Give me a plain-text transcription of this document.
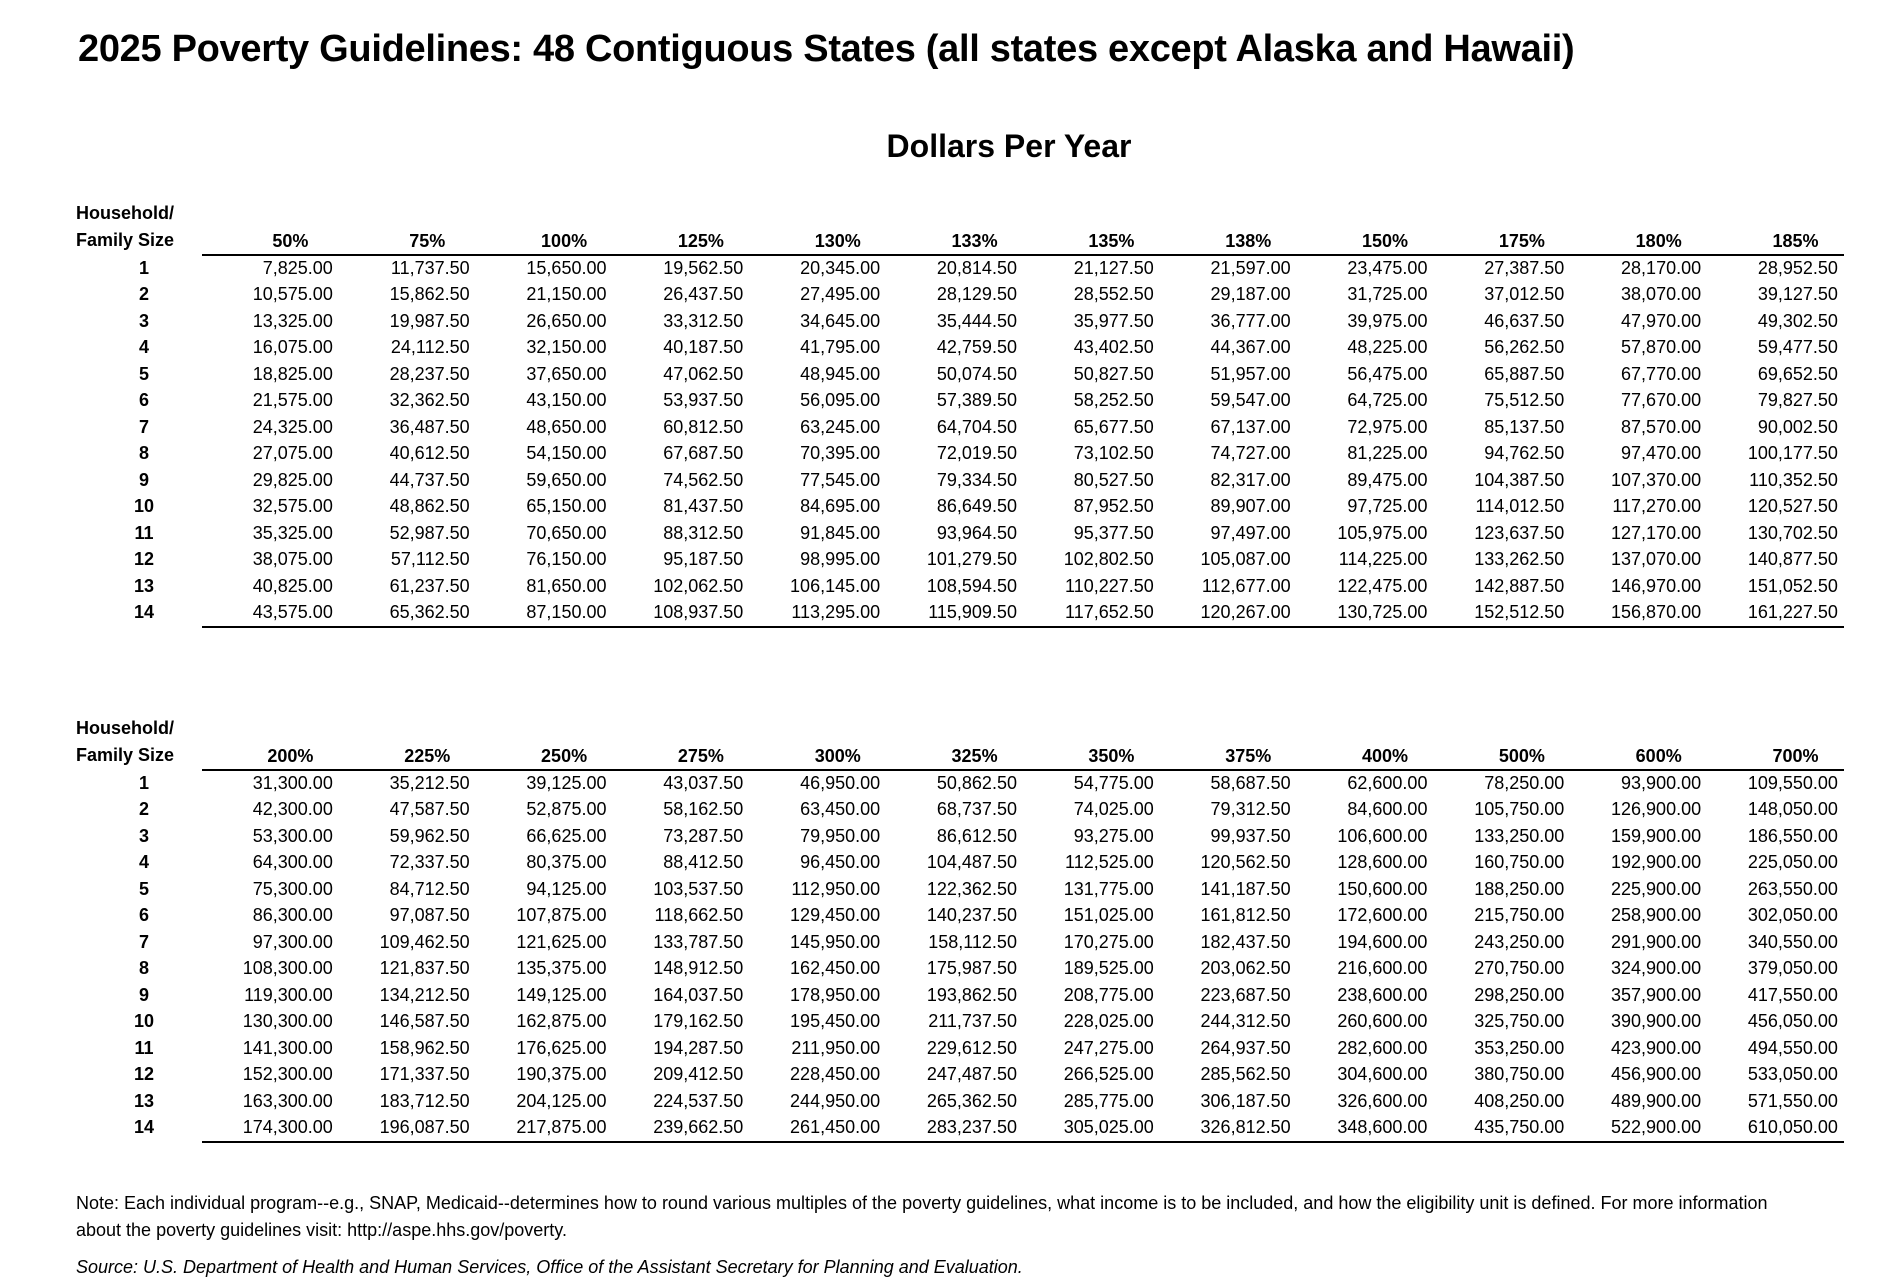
2025 Poverty Guidelines: 48 Contiguous States (all states except Alaska and Hawaii)
Dollars Per Year
Household/
Family Size	50%	75%	100%	125%	130%	133%	135%	138%	150%	175%	180%	185%
1	7,825.00	11,737.50	15,650.00	19,562.50	20,345.00	20,814.50	21,127.50	21,597.00	23,475.00	27,387.50	28,170.00	28,952.50
2	10,575.00	15,862.50	21,150.00	26,437.50	27,495.00	28,129.50	28,552.50	29,187.00	31,725.00	37,012.50	38,070.00	39,127.50
3	13,325.00	19,987.50	26,650.00	33,312.50	34,645.00	35,444.50	35,977.50	36,777.00	39,975.00	46,637.50	47,970.00	49,302.50
4	16,075.00	24,112.50	32,150.00	40,187.50	41,795.00	42,759.50	43,402.50	44,367.00	48,225.00	56,262.50	57,870.00	59,477.50
5	18,825.00	28,237.50	37,650.00	47,062.50	48,945.00	50,074.50	50,827.50	51,957.00	56,475.00	65,887.50	67,770.00	69,652.50
6	21,575.00	32,362.50	43,150.00	53,937.50	56,095.00	57,389.50	58,252.50	59,547.00	64,725.00	75,512.50	77,670.00	79,827.50
7	24,325.00	36,487.50	48,650.00	60,812.50	63,245.00	64,704.50	65,677.50	67,137.00	72,975.00	85,137.50	87,570.00	90,002.50
8	27,075.00	40,612.50	54,150.00	67,687.50	70,395.00	72,019.50	73,102.50	74,727.00	81,225.00	94,762.50	97,470.00	100,177.50
9	29,825.00	44,737.50	59,650.00	74,562.50	77,545.00	79,334.50	80,527.50	82,317.00	89,475.00	104,387.50	107,370.00	110,352.50
10	32,575.00	48,862.50	65,150.00	81,437.50	84,695.00	86,649.50	87,952.50	89,907.00	97,725.00	114,012.50	117,270.00	120,527.50
11	35,325.00	52,987.50	70,650.00	88,312.50	91,845.00	93,964.50	95,377.50	97,497.00	105,975.00	123,637.50	127,170.00	130,702.50
12	38,075.00	57,112.50	76,150.00	95,187.50	98,995.00	101,279.50	102,802.50	105,087.00	114,225.00	133,262.50	137,070.00	140,877.50
13	40,825.00	61,237.50	81,650.00	102,062.50	106,145.00	108,594.50	110,227.50	112,677.00	122,475.00	142,887.50	146,970.00	151,052.50
14	43,575.00	65,362.50	87,150.00	108,937.50	113,295.00	115,909.50	117,652.50	120,267.00	130,725.00	152,512.50	156,870.00	161,227.50
Household/
Family Size	200%	225%	250%	275%	300%	325%	350%	375%	400%	500%	600%	700%
1	31,300.00	35,212.50	39,125.00	43,037.50	46,950.00	50,862.50	54,775.00	58,687.50	62,600.00	78,250.00	93,900.00	109,550.00
2	42,300.00	47,587.50	52,875.00	58,162.50	63,450.00	68,737.50	74,025.00	79,312.50	84,600.00	105,750.00	126,900.00	148,050.00
3	53,300.00	59,962.50	66,625.00	73,287.50	79,950.00	86,612.50	93,275.00	99,937.50	106,600.00	133,250.00	159,900.00	186,550.00
4	64,300.00	72,337.50	80,375.00	88,412.50	96,450.00	104,487.50	112,525.00	120,562.50	128,600.00	160,750.00	192,900.00	225,050.00
5	75,300.00	84,712.50	94,125.00	103,537.50	112,950.00	122,362.50	131,775.00	141,187.50	150,600.00	188,250.00	225,900.00	263,550.00
6	86,300.00	97,087.50	107,875.00	118,662.50	129,450.00	140,237.50	151,025.00	161,812.50	172,600.00	215,750.00	258,900.00	302,050.00
7	97,300.00	109,462.50	121,625.00	133,787.50	145,950.00	158,112.50	170,275.00	182,437.50	194,600.00	243,250.00	291,900.00	340,550.00
8	108,300.00	121,837.50	135,375.00	148,912.50	162,450.00	175,987.50	189,525.00	203,062.50	216,600.00	270,750.00	324,900.00	379,050.00
9	119,300.00	134,212.50	149,125.00	164,037.50	178,950.00	193,862.50	208,775.00	223,687.50	238,600.00	298,250.00	357,900.00	417,550.00
10	130,300.00	146,587.50	162,875.00	179,162.50	195,450.00	211,737.50	228,025.00	244,312.50	260,600.00	325,750.00	390,900.00	456,050.00
11	141,300.00	158,962.50	176,625.00	194,287.50	211,950.00	229,612.50	247,275.00	264,937.50	282,600.00	353,250.00	423,900.00	494,550.00
12	152,300.00	171,337.50	190,375.00	209,412.50	228,450.00	247,487.50	266,525.00	285,562.50	304,600.00	380,750.00	456,900.00	533,050.00
13	163,300.00	183,712.50	204,125.00	224,537.50	244,950.00	265,362.50	285,775.00	306,187.50	326,600.00	408,250.00	489,900.00	571,550.00
14	174,300.00	196,087.50	217,875.00	239,662.50	261,450.00	283,237.50	305,025.00	326,812.50	348,600.00	435,750.00	522,900.00	610,050.00
Note: Each individual program--e.g., SNAP, Medicaid--determines how to round various multiples of the poverty guidelines, what income is to be included, and how the eligibility unit is defined. For more information about the poverty guidelines visit: http://aspe.hhs.gov/poverty.
Source: U.S. Department of Health and Human Services, Office of the Assistant Secretary for Planning and Evaluation.
